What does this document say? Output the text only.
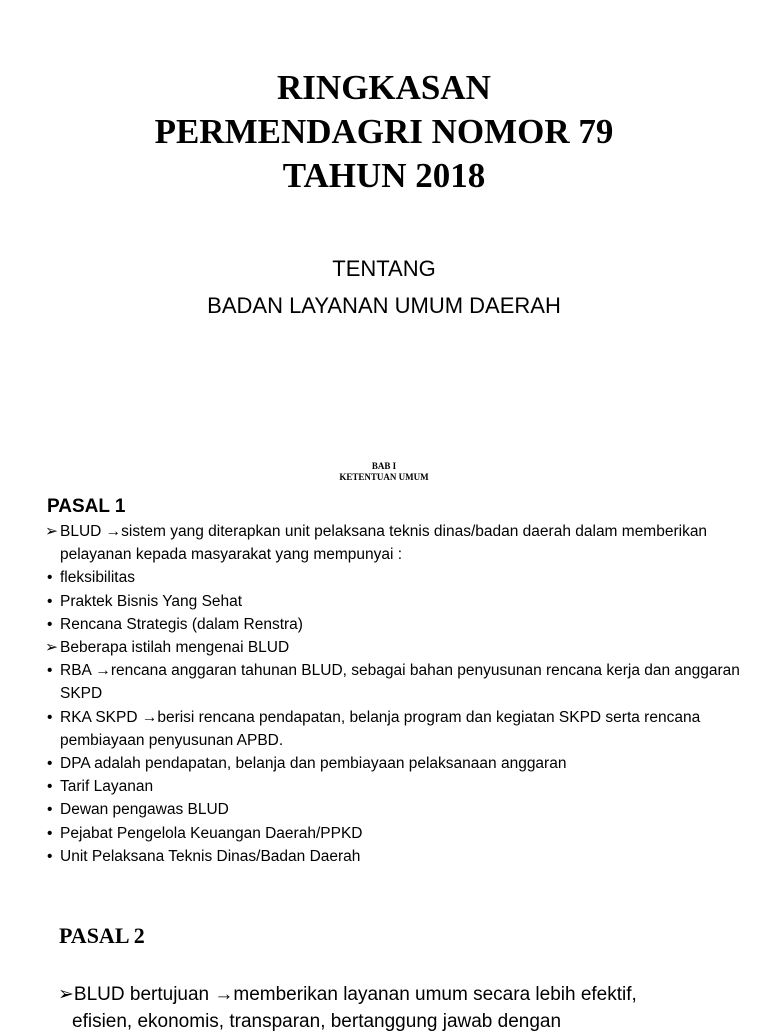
RINGKASAN
PERMENDAGRI NOMOR 79
TAHUN 2018
TENTANG
BADAN LAYANAN UMUM DAERAH
BAB I
KETENTUAN UMUM
PASAL 1
➢ BLUD →sistem yang diterapkan unit pelaksana teknis dinas/badan daerah dalam memberikan pelayanan kepada masyarakat yang mempunyai :
• fleksibilitas
• Praktek Bisnis Yang Sehat
• Rencana Strategis (dalam Renstra)
➢ Beberapa istilah mengenai BLUD
• RBA →rencana anggaran tahunan BLUD, sebagai bahan penyusunan rencana kerja dan anggaran SKPD
• RKA SKPD →berisi rencana pendapatan, belanja program dan kegiatan SKPD serta rencana pembiayaan penyusunan APBD.
• DPA adalah pendapatan, belanja dan pembiayaan pelaksanaan anggaran
• Tarif Layanan
• Dewan pengawas BLUD
• Pejabat Pengelola Keuangan Daerah/PPKD
• Unit Pelaksana Teknis Dinas/Badan Daerah
PASAL 2
➢BLUD bertujuan →memberikan layanan umum secara lebih efektif,
efisien, ekonomis, transparan, bertanggung jawab dengan
